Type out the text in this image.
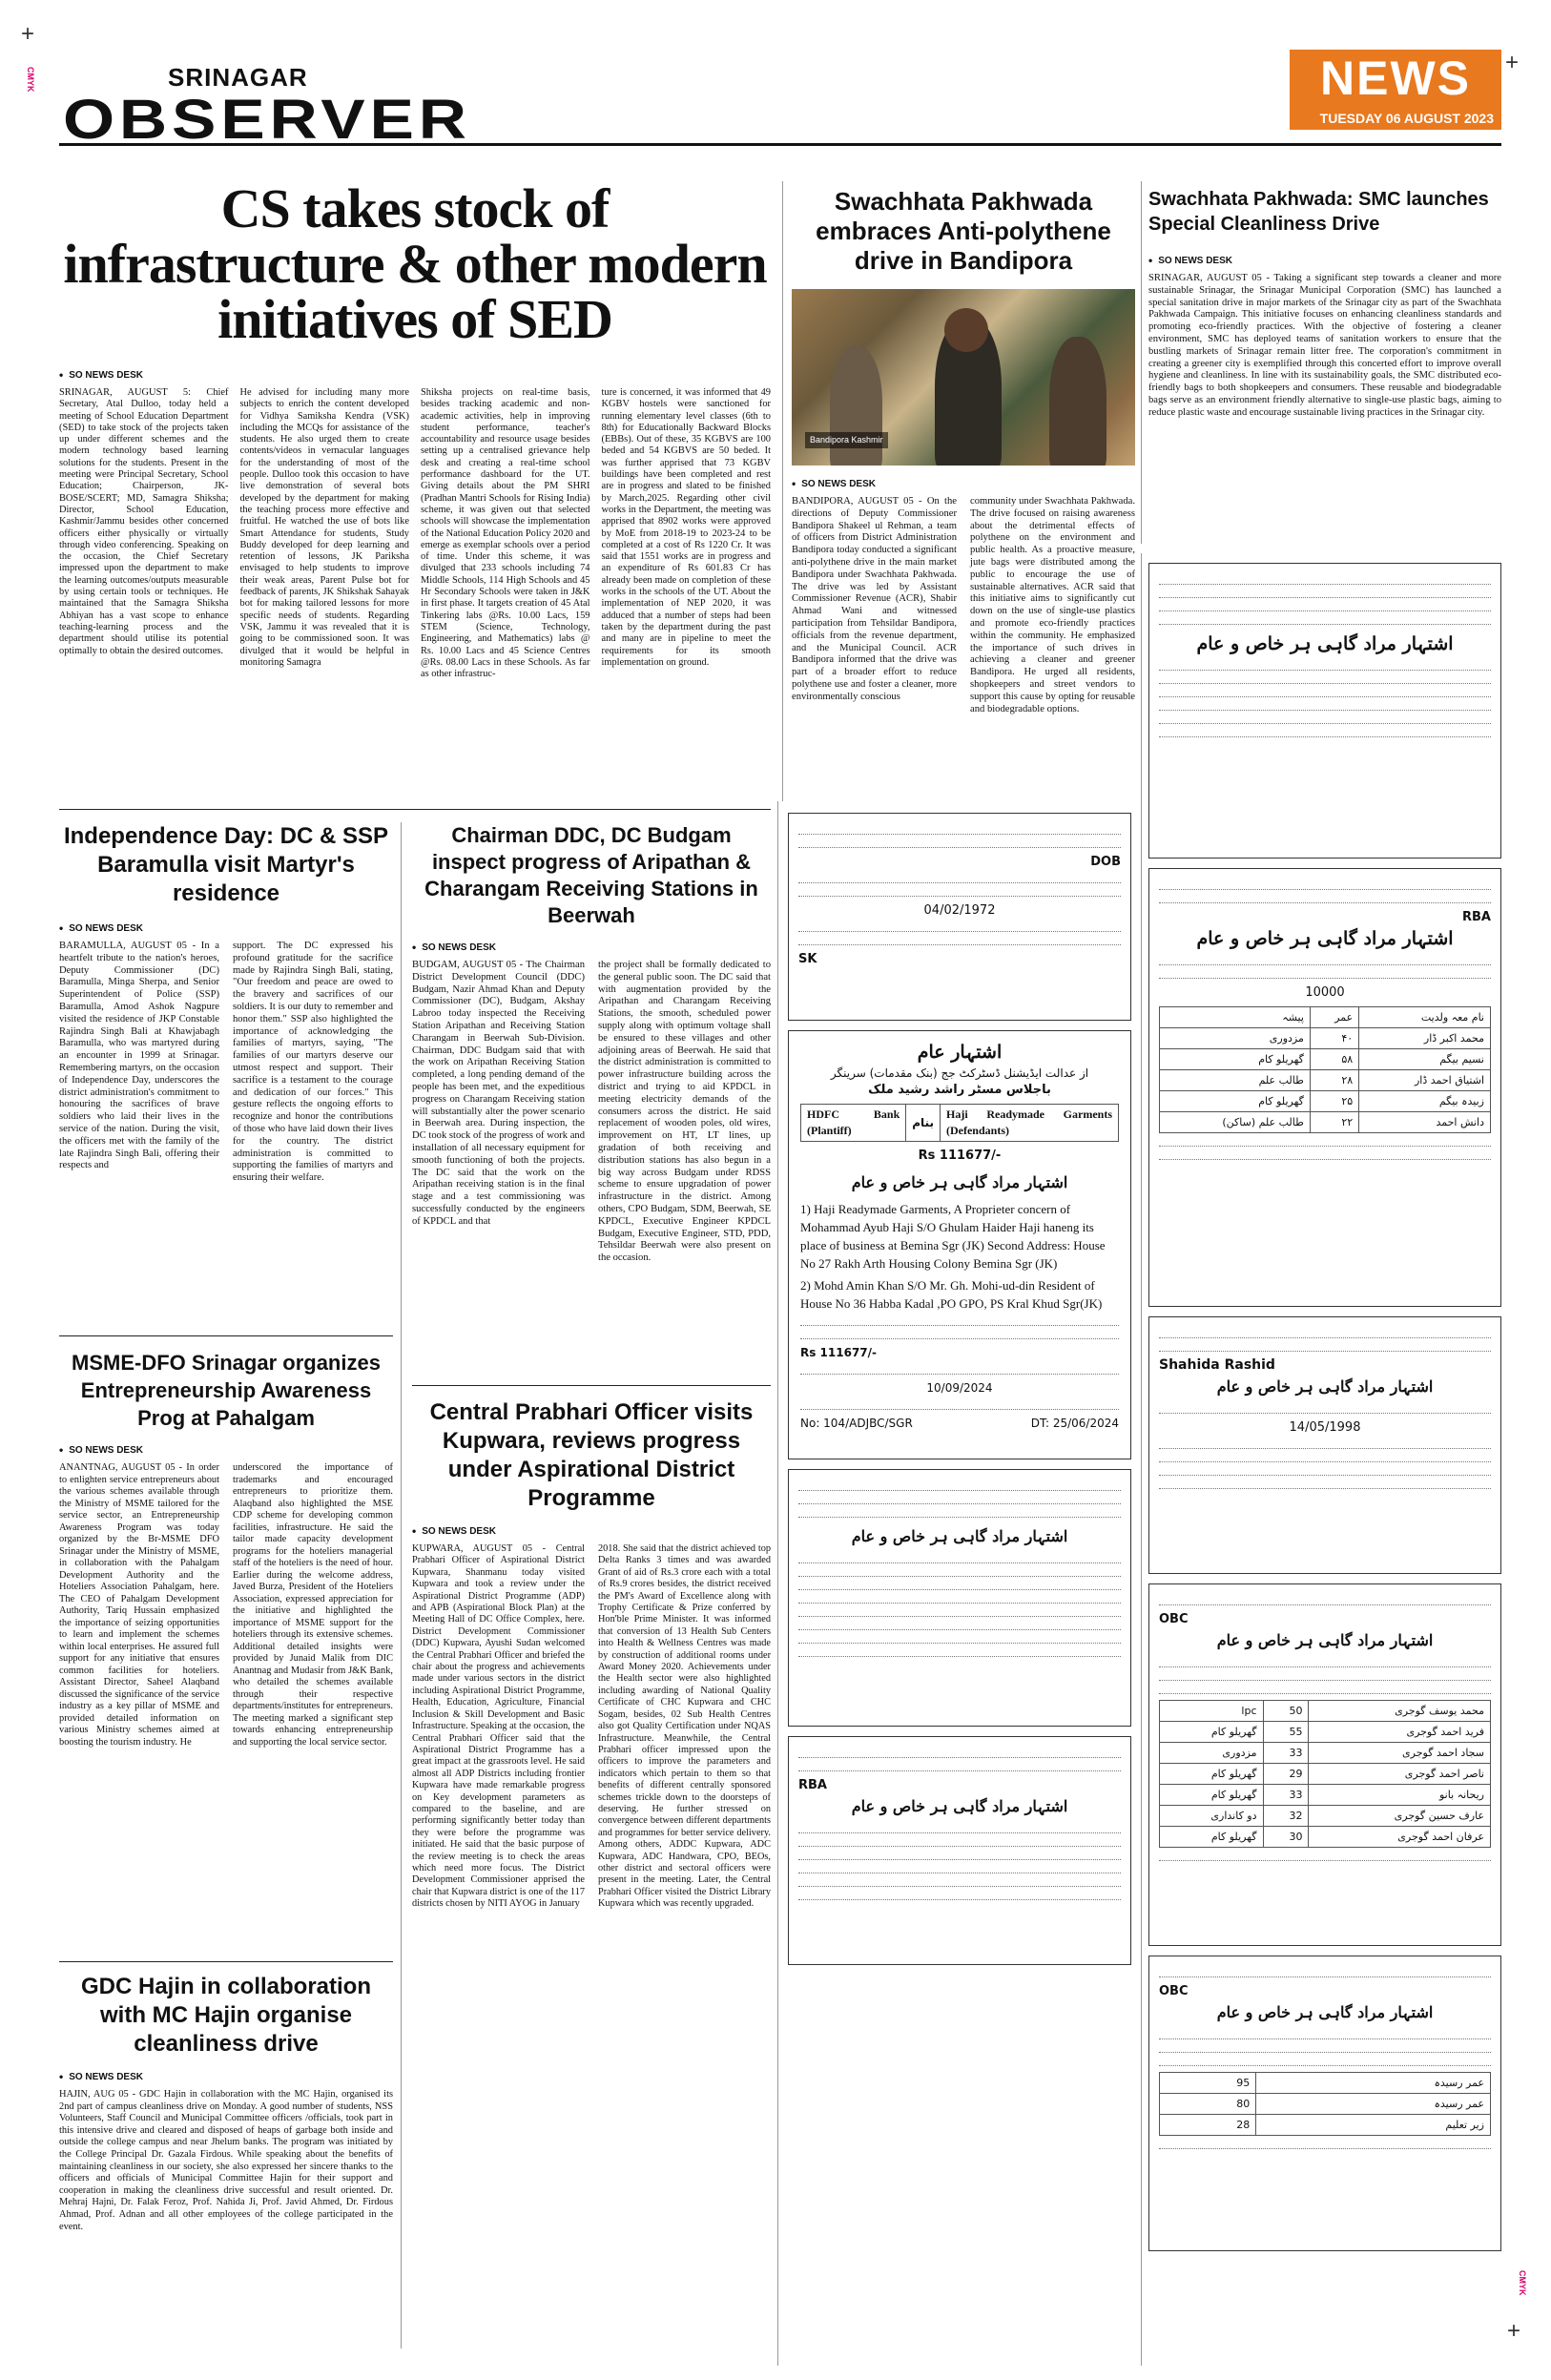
+
CMYK	SRINAGAR
OBSERVER
NEWS
TUESDAY 06 AUGUST 2023
+
CS takes stock of infrastructure & other modern initiatives of SED
• SO NEWS DESK

SRINAGAR, AUGUST 5: Chief Secretary, Atal Dulloo, today held a meeting of School Education Department (SED) to take stock of the projects taken up under different schemes and the modern technology based learning solutions for the students. Present in the meeting were Principal Secretary, School Education; Chairperson, JK-BOSE/SCERT; MD, Samagra Shiksha; Director, School Education, Kashmir/Jammu besides other concerned officers either physically or virtually through video conferencing. Speaking on the occasion, the Chief Secretary impressed upon the department to make the learning outcomes/outputs measurable by using certain tools or techniques. He maintained that the Samagra Shiksha Abhiyan has a vast scope to enhance teaching-learning process and the department should utilise its potential optimally to obtain the desired outcomes.

He advised for including many more subjects to enrich the content developed for Vidhya Samiksha Kendra (VSK) including the MCQs for assistance of the students. He also urged them to create contents/videos in vernacular languages for the understanding of most of the people. Dulloo took this occasion to have live demonstration of several bots developed by the department for making the teaching process more effective and fruitful. He watched the use of bots like Smart Attendance for students, Study Buddy developed for deep learning and retention of lessons, JK Pariksha envisaged to help students to improve their weak areas, Parent Pulse bot for feedback of parents, JK Shikshak Sahayak bot for making tailored lessons for more specific needs of students. Regarding VSK, Jammu it was revealed that it is going to be commissioned soon. It was divulged that it would be helpful in monitoring Samagra

Shiksha projects on real-time basis, besides tracking academic and non-academic activities, help in improving student performance, teacher's accountability and resource usage besides setting up a centralised grievance help desk and creating a real-time school performance dashboard for the UT. Giving details about the PM SHRI (Pradhan Mantri Schools for Rising India) scheme, it was given out that selected schools will showcase the implementation of the National Education Policy 2020 and emerge as exemplar schools over a period of time. Under this scheme, it was divulged that 233 schools including 74 Middle Schools, 114 High Schools and 45 Hr Secondary Schools were taken in J&K in first phase. It targets creation of 45 Atal Tinkering labs @Rs. 10.00 Lacs, 159 STEM (Science, Technology, Engineering, and Mathematics) labs @ Rs. 10.00 Lacs and 45 Science Centres @Rs. 08.00 Lacs in these Schools. As far as other infrastruc-

ture is concerned, it was informed that 49 KGBV hostels were sanctioned for running elementary level classes (6th to 8th) for Educationally Backward Blocks (EBBs). Out of these, 35 KGBVS are 100 beded and 54 KGBVS are 50 beded. It was further apprised that 73 KGBV buildings have been completed and rest are in progress and slated to be finished by March,2025. Regarding other civil works in the Department, the meeting was apprised that 8902 works were approved by MoE from 2018-19 to 2023-24 to be completed at a cost of Rs 1220 Cr. It was said that 1551 works are in progress and an expenditure of Rs 601.83 Cr has already been made on completion of these works in the schools of the UT. About the implementation of NEP 2020, it was adduced that a number of steps had been taken by the department during the past and many are in pipeline to meet the requirements for its smooth implementation on ground.

Swachhata Pakhwada embraces Anti-polythene drive in Bandipora
Bandipora Kashmir
• SO NEWS DESK

BANDIPORA, AUGUST 05 - On the directions of Deputy Commissioner Bandipora Shakeel ul Rehman, a team of officers from District Administration Bandipora today conducted a significant anti-polythene drive in the main market Bandipora under Swachhata Pakhwada. The drive was led by Assistant Commissioner Revenue (ACR), Shabir Ahmad Wani and witnessed participation from Tehsildar Bandipora, officials from the revenue department, and the Municipal Council. ACR Bandipora informed that the drive was part of a broader effort to reduce polythene use and foster a cleaner, more environmentally conscious

community under Swachhata Pakhwada. The drive focused on raising awareness about the detrimental effects of polythene on the environment and public health. As a proactive measure, jute bags were distributed among the public to encourage the use of sustainable alternatives. ACR said that this initiative aims to significantly cut down on the use of single-use plastics and promote eco-friendly practices within the community. He emphasized the importance of such drives in achieving a cleaner and greener Bandipora. He urged all residents, shopkeepers and street vendors to support this cause by opting for reusable and biodegradable options.

Swachhata Pakhwada: SMC launches Special Cleanliness Drive
• SO NEWS DESK

SRINAGAR, AUGUST 05 - Taking a significant step towards a cleaner and more sustainable Srinagar, the Srinagar Municipal Corporation (SMC) has launched a special sanitation drive in major markets of the Srinagar city as part of the Swachhata Pakhwada Campaign. This initiative focuses on enhancing cleanliness standards and promoting eco-friendly practices. With the objective of fostering a cleaner environment, SMC has deployed teams of sanitation workers to ensure that the bustling markets of Srinagar remain litter free. The corporation's commitment in creating a greener city is exemplified through this concerted effort to improve overall hygiene and cleanliness. In line with its sustainability goals, the SMC distributed eco-friendly bags to both shopkeepers and consumers. These reusable and biodegradable bags serve as an environment friendly alternative to single-use plastic bags, aiming to reduce plastic waste and encourage sustainable living practices in the Srinagar city.

Independence Day: DC & SSP Baramulla visit Martyr's residence
• SO NEWS DESK

BARAMULLA, AUGUST 05 - In a heartfelt tribute to the nation's heroes, Deputy Commissioner (DC) Baramulla, Minga Sherpa, and Senior Superintendent of Police (SSP) Baramulla, Amod Ashok Nagpure visited the residence of JKP Constable Rajindra Singh Bali at Khawjabagh Baramulla, who was martyred during an encounter in 1999 at Srinagar. Remembering martyrs, on the occasion of Independence Day, underscores the district administration's commitment to honouring the sacrifices of brave soldiers who laid their lives in the service of the nation. During the visit, the officers met with the family of the late Rajindra Singh Bali, offering their respects and

support. The DC expressed his profound gratitude for the sacrifice made by Rajindra Singh Bali, stating, "Our freedom and peace are owed to the bravery and sacrifices of our soldiers. It is our duty to remember and honor them." SSP also highlighted the importance of acknowledging the families of martyrs, saying, "The families of our martyrs deserve our utmost respect and support. Their sacrifice is a testament to the courage and dedication of our forces." This gesture reflects the ongoing efforts to recognize and honor the contributions of those who have laid down their lives for the country. The district administration is committed to supporting the families of martyrs and ensuring their welfare.

Chairman DDC, DC Budgam inspect progress of Aripathan & Charangam Receiving Stations in Beerwah
• SO NEWS DESK

BUDGAM, AUGUST 05 - The Chairman District Development Council (DDC) Budgam, Nazir Ahmad Khan and Deputy Commissioner (DC), Budgam, Akshay Labroo today inspected the Receiving Station Aripathan and Receiving Station Charangam in Beerwah Sub-Division. Chairman, DDC Budgam said that with the work on Aripathan Receiving Station completed, a long pending demand of the people has been met, and the expeditious progress on Charangam Receiving station will substantially alter the power scenario in Beerwah area. During inspection, the DC took stock of the progress of work and installation of all necessary equipment for smooth functioning of both the projects. The DC said that the work on the Aripathan receiving station is in the final stage and a test commissioning was successfully conducted by the engineers of KPDCL and that

the project shall be formally dedicated to the general public soon. The DC said that with augmentation provided by the Aripathan and Charangam Receiving Stations, the smooth, scheduled power supply along with optimum voltage shall be ensured to these villages and other adjoining areas of Beerwah. He said that the district administration is committed to power infrastructure building across the district and trying to aid KPDCL in meeting electricity demands of the consumers across the district. He said replacement of wooden poles, old wires, improvement on HT, LT lines, up gradation of both receiving and distribution stations has also begun in a big way across Budgam under RDSS scheme to ensure upgradation of power infrastructure in the district. Among others, CPO Budgam, SDM, Beerwah, SE KPDCL, Executive Engineer KPDCL Budgam, Executive Engineer, STD, PDD, Tehsildar Beerwah were also present on the occasion.

MSME-DFO Srinagar organizes Entrepreneurship Awareness Prog at Pahalgam
• SO NEWS DESK

ANANTNAG, AUGUST 05 - In order to enlighten service entrepreneurs about the various schemes available through the Ministry of MSME tailored for the service sector, an Entrepreneurship Awareness Program was today organized by the Br-MSME DFO Srinagar under the Ministry of MSME, in collaboration with the Pahalgam Development Authority and the Hoteliers Association Pahalgam, here. The CEO of Pahalgam Development Authority, Tariq Hussain emphasized the importance of seizing opportunities to learn and implement the schemes within local enterprises. He assured full support for any initiative that ensures common facilities for hoteliers. Assistant Director, Saheel Alaqband discussed the significance of the service industry as a key pillar of MSME and provided detailed information on various Ministry schemes aimed at boosting the tourism industry. He

underscored the importance of trademarks and encouraged entrepreneurs to prioritize them. Alaqband also highlighted the MSE CDP scheme for developing common facilities, infrastructure. He said the tailor made capacity development programs for the hoteliers managerial staff of the hoteliers is the need of hour. Earlier during the welcome address, Javed Burza, President of the Hoteliers Association, expressed appreciation for the initiative and highlighted the importance of MSME support for the hoteliers through its extensive schemes. Additional detailed insights were provided by Junaid Malik from DIC Anantnag and Mudasir from J&K Bank, who detailed the schemes available through their respective departments/institutes for entrepreneurs. The meeting marked a significant step towards enhancing entrepreneurship and supporting the local service sector.

Central Prabhari Officer visits Kupwara, reviews progress under Aspirational District Programme
• SO NEWS DESK

KUPWARA, AUGUST 05 - Central Prabhari Officer of Aspirational District Kupwara, Shanmanu today visited Kupwara and took a review under the Aspirational District Programme (ADP) and APB (Aspirational Block Plan) at the Meeting Hall of DC Office Complex, here. District Development Commissioner (DDC) Kupwara, Ayushi Sudan welcomed the Central Prabhari Officer and briefed the chair about the progress and achievements made under various sectors in the district including Aspirational District Programme, Health, Education, Agriculture, Financial Inclusion & Skill Development and Basic Infrastructure. Speaking at the occasion, the Central Prabhari Officer said that the Aspirational District Programme has a great impact at the grassroots level. He said almost all ADP Districts including frontier Kupwara have made remarkable progress on Key development parameters as compared to the baseline, and are performing significantly better today than they were before the programme was initiated. He said that the basic purpose of the review meeting is to check the areas which need more focus. The District Development Commissioner apprised the chair that Kupwara district is one of the 117 districts chosen by NITI AYOG in January

2018. She said that the district achieved top Delta Ranks 3 times and was awarded Grant of aid of Rs.3 crore each with a total of Rs.9 crores besides, the district received the PM's Award of Excellence along with Trophy Certificate & Prize conferred by Hon'ble Prime Minister. It was informed that conversion of 13 Health Sub Centers into Health & Wellness Centres was made by construction of additional rooms under Award Money 2020. Achievements under the Health sector were also highlighted including awarding of National Quality Certificate of CHC Kupwara and CHC Sogam, besides, 02 Sub Health Centres also got Quality Certification under NQAS Infrastructure. Meanwhile, the Central Prabhari officer impressed upon the officers to improve the parameters and indicators which pertain to them so that benefits of different centrally sponsored schemes trickle down to the doorsteps of deserving. He further stressed on convergence between different departments and programmes for better service delivery. Among others, ADDC Kupwara, ADC Kupwara, ADC Handwara, CPO, BEOs, other district and sectoral officers were present in the meeting. Later, the Central Prabhari Officer visited the District Library Kupwara which was recently upgraded.

GDC Hajin in collaboration with MC Hajin organise cleanliness drive
• SO NEWS DESK

HAJIN, AUG 05 - GDC Hajin in collaboration with the MC Hajin, organised its 2nd part of campus cleanliness drive on Monday. A good number of students, NSS Volunteers, Staff Council and Municipal Committee officers /officials, took part in this intensive drive and cleared and disposed of heaps of garbage both inside and outside the college campus and near Jhelum banks. The program was initiated by the College Principal Dr. Gazala Firdous. While speaking about the benefits of maintaining cleanliness in our society, she also expressed her sincere thanks to the officers and officials of Municipal Committee Hajin for their support and cooperation in making the cleanliness drive successful and result oriented. Dr. Mehraj Hajni, Dr. Falak Feroz, Prof. Nahida Ji, Prof. Javid Ahmed, Dr. Firdous Ahmad, Prof. Adnan and all other employees of the college participated in the event.

DOB
04/02/1972
SK
اشتہار عام
از عدالت ایڈیشنل ڈسٹرکٹ جج (بنک مقدمات) سرینگر
باجلاس مسٹر راشد رشید ملک
HDFC Bank (Plantiff)	بنام	Haji Readymade Garments (Defendants)
Rs 111677/-
اشتہار مراد گاہی ہر خاص و عام
1) Haji Readymade Garments, A Proprieter concern of Mohammad Ayub Haji S/O Ghulam Haider Haji haneng its place of business at Bemina Sgr (JK) Second Address: House No 27 Rakh Arth Housing Colony Bemina Sgr (JK)
2) Mohd Amin Khan S/O Mr. Gh. Mohi-ud-din Resident of House No 36 Habba Kadal ,PO GPO, PS Kral Khud Sgr(JK)
Rs 111677/-
10/09/2024
No: 104/ADJBC/SGR	DT: 25/06/2024
اشتہار مراد گاہی ہر خاص و عام
RBA
اشتہار مراد گاہی ہر خاص و عام
اشتہار مراد گاہی ہر خاص و عام
RBA
اشتہار مراد گاہی ہر خاص و عام
10000
نام معہ ولدیت	عمر	پیشہ
محمد اکبر ڈار	۴۰	مزدوری
نسیم بیگم	۵۸	گھریلو کام
اشتیاق احمد ڈار	۲۸	طالب علم
زبیدہ بیگم	۲۵	گھریلو کام
دانش احمد	۲۲	طالب علم (ساکن)
Shahida Rashid
اشتہار مراد گاہی ہر خاص و عام
14/05/1998
OBC
اشتہار مراد گاہی ہر خاص و عام
محمد یوسف گوجری	50	lpc
فرید احمد گوجری	55	گھریلو کام
سجاد احمد گوجری	33	مزدوری
ناصر احمد گوجری	29	گھریلو کام
ریحانہ بانو	33	گھریلو کام
عارف حسین گوجری	32	دو کانداری
عرفان احمد گوجری	30	گھریلو کام
OBC
اشتہار مراد گاہی ہر خاص و عام
عمر رسیدہ	95
عمر رسیدہ	80
زیر تعلیم	28
CMYK
+
